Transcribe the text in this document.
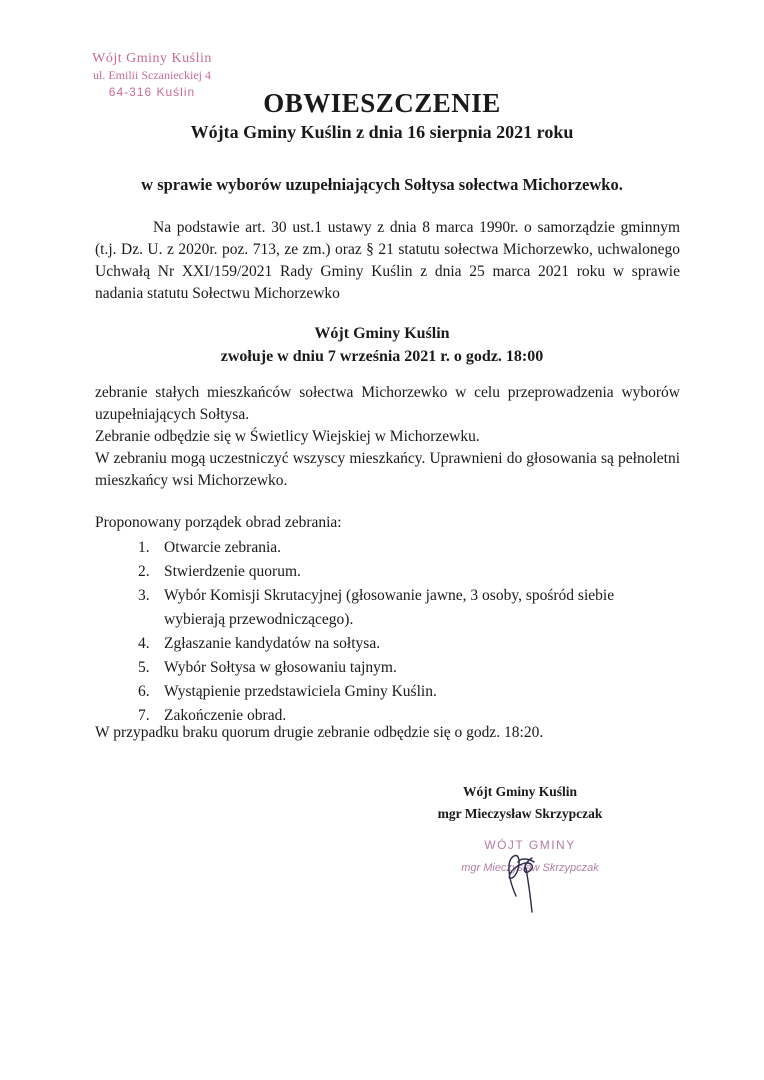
Wójt Gminy Kuślin
ul. Emilii Sczanieckiej 4
64-316 Kuślin	OBWIESZCZENIE
Wójta Gminy Kuślin z dnia 16 sierpnia 2021 roku
w sprawie wyborów uzupełniających Sołtysa sołectwa Michorzewko.
Na podstawie art. 30 ust.1 ustawy z dnia 8 marca 1990r. o samorządzie gminnym (t.j. Dz. U. z 2020r. poz. 713, ze zm.) oraz § 21 statutu sołectwa Michorzewko, uchwalonego Uchwałą Nr XXI/159/2021 Rady Gminy Kuślin z dnia 25 marca 2021 roku w sprawie nadania statutu Sołectwu Michorzewko
Wójt Gminy Kuślin
zwołuje w dniu 7 września 2021 r. o godz. 18:00

zebranie stałych mieszkańców sołectwa Michorzewko w celu przeprowadzenia wyborów uzupełniających Sołtysa.

Zebranie odbędzie się w Świetlicy Wiejskiej w Michorzewku.

W zebraniu mogą uczestniczyć wszyscy mieszkańcy. Uprawnieni do głosowania są pełnoletni mieszkańcy wsi Michorzewko.

Proponowany porządek obrad zebrania:
1. Otwarcie zebrania.
2. Stwierdzenie quorum.
3. Wybór Komisji Skrutacyjnej (głosowanie jawne, 3 osoby, spośród siebie wybierają przewodniczącego).
4. Zgłaszanie kandydatów na sołtysa.
5. Wybór Sołtysa w głosowaniu tajnym.
6. Wystąpienie przedstawiciela Gminy Kuślin.
7. Zakończenie obrad.
W przypadku braku quorum drugie zebranie odbędzie się o godz. 18:20.
Wójt Gminy Kuślin
mgr Mieczysław Skrzypczak
WÓJT GMINY
mgr Mieczysław Skrzypczak
